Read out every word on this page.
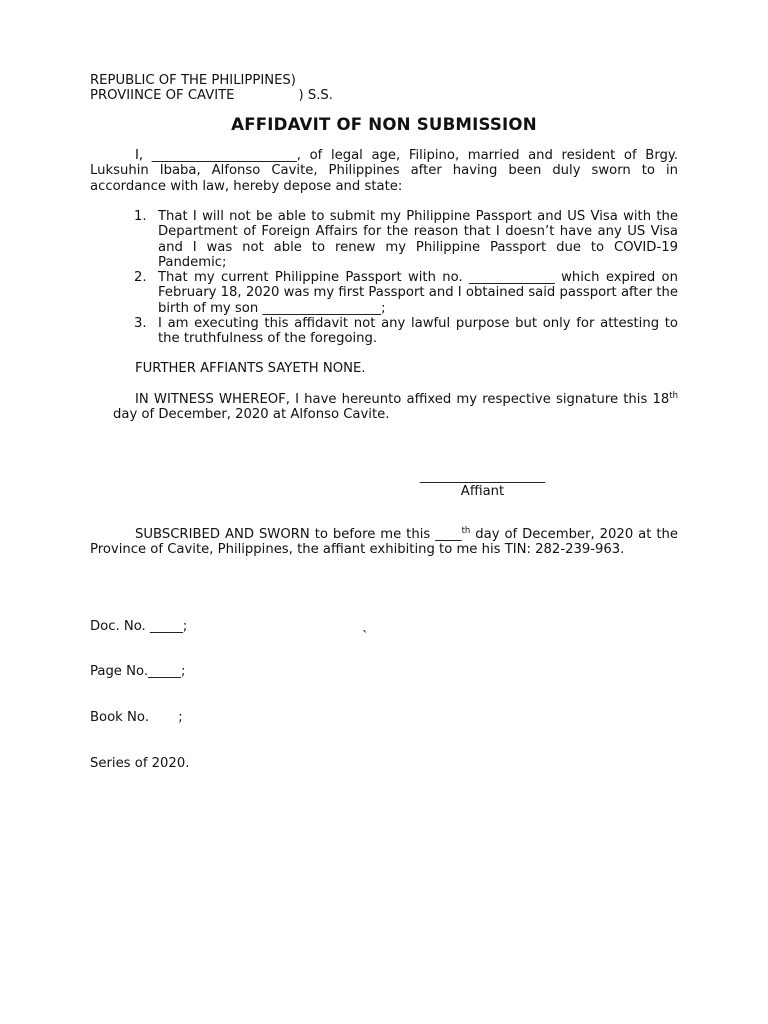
REPUBLIC OF THE PHILIPPINES)
PROVIINCE OF CAVITE	) S.S.
AFFIDAVIT OF NON SUBMISSION
I, ______________________, of legal age, Filipino, married and resident of Brgy. Luksuhin Ibaba, Alfonso Cavite, Philippines after having been duly sworn to in accordance with law, hereby depose and state:
1. That I will not be able to submit my Philippine Passport and US Visa with the Department of Foreign Affairs for the reason that I doesn’t have any US Visa and I was not able to renew my Philippine Passport due to COVID-19 Pandemic;
2. That my current Philippine Passport with no. _____________ which expired on February 18, 2020 was my first Passport and I obtained said passport after the birth of my son __________________;
3. I am executing this affidavit not any lawful purpose but only for attesting to the truthfulness of the foregoing.
FURTHER AFFIANTS SAYETH NONE.
IN WITNESS WHEREOF, I have hereunto affixed my respective signature this 18th day of December, 2020 at Alfonso Cavite.
___________________
Affiant
SUBSCRIBED AND SWORN to before me this ____$^{th}$ day of December, 2020 at the Province of Cavite, Philippines, the affiant exhibiting to me his TIN: 282-239-963.

Doc. No. _____;

Page No._____;

Book No.       ;

Series of 2020.

`
